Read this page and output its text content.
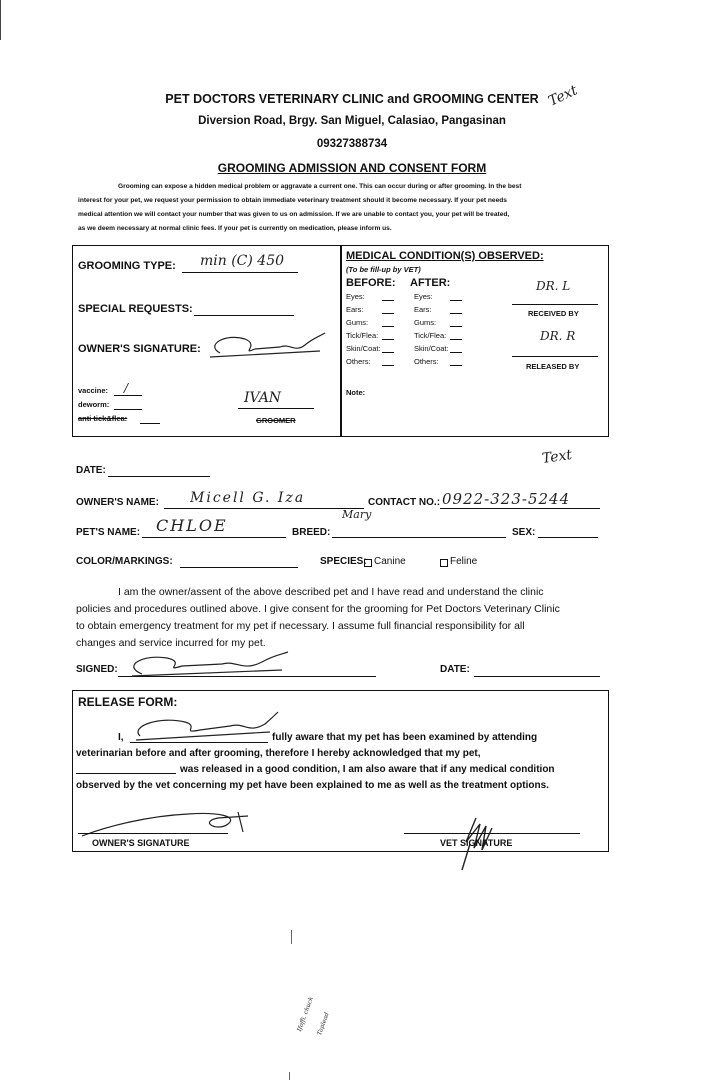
PET DOCTORS VETERINARY CLINIC and GROOMING CENTER
Diversion Road, Brgy. San Miguel, Calasiao, Pangasinan
09327388734
GROOMING ADMISSION AND CONSENT FORM
Text
Grooming can expose a hidden medical problem or aggravate a current one. This can occur during or after grooming. In the best
interest for your pet, we request your permission to obtain immediate veterinary treatment should it become necessary. If your pet needs
medical attention we will contact your number that was given to us on admission. If we are unable to contact you, your pet will be treated,
as we deem necessary at normal clinic fees. If your pet is currently on medication, please inform us.
GROOMING TYPE: min (C) 450
SPECIAL REQUESTS:
OWNER'S SIGNATURE:
vaccine: /
deworm:
anti tick&flea:
IVAN
GROOMER
MEDICAL CONDITION(S) OBSERVED:
(To be fill-up by VET)
BEFORE: AFTER:
Eyes:	Eyes:
Ears:	Ears:
Gums:	Gums:
Tick/Flea:	Tick/Flea:
Skin/Coat:	Skin/Coat:
Others:	Others:
DR. L
RECEIVED BY
DR. R
RELEASED BY
Note:
DATE:
Text
OWNER'S NAME: Micell G. Iza
Mary
CONTACT NO.: 0922-323-5244
PET'S NAME: CHLOE	BREED:	SEX:
COLOR/MARKINGS:	SPECIES: Canine	Feline
I am the owner/assent of the above described pet and I have read and understand the clinic
policies and procedures outlined above. I give consent for the grooming for Pet Doctors Veterinary Clinic
to obtain emergency treatment for my pet if necessary. I assume full financial responsibility for all
changes and service incurred for my pet.
SIGNED:	DATE:
RELEASE FORM:
I,	fully aware that my pet has been examined by attending
veterinarian before and after grooming, therefore I hereby acknowledged that my pet,
was released in a good condition, I am also aware that if any medical condition
observed by the vet concerning my pet have been explained to me as well as the treatment options.
OWNER'S SIGNATURE	VET SIGNATURE
Ifoffi. chuck Taplead
